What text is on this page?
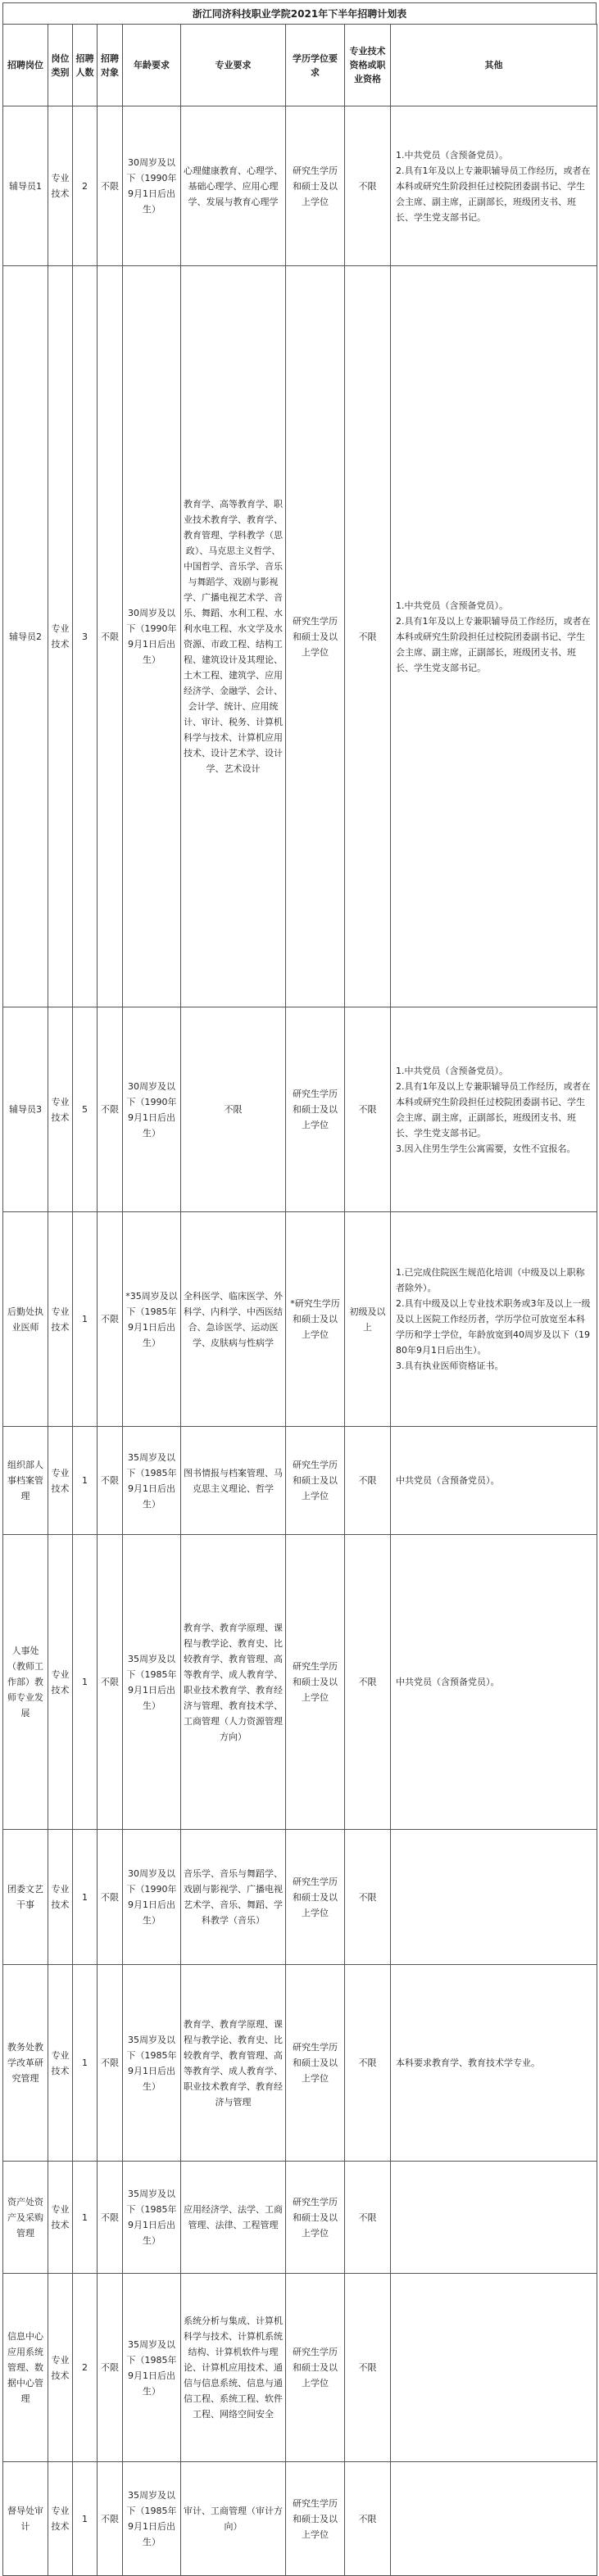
浙江同济科技职业学院2021年下半年招聘计划表
招聘岗位	岗位类别	招聘人数	招聘对象	年龄要求	专业要求	学历学位要求	专业技术资格或职业资格	其他
辅导员1	专业技术	2	不限	30周岁及以下（1990年9月1日后出生）	心理健康教育、心理学、基础心理学、应用心理学、发展与教育心理学	研究生学历和硕士及以上学位	不限	1.中共党员（含预备党员）。
2.具有1年及以上专兼职辅导员工作经历，或者在本科或研究生阶段担任过校院团委副书记、学生会主席、副主席，正副部长，班级团支书、班长、学生党支部书记。
辅导员2	专业技术	3	不限	30周岁及以下（1990年9月1日后出生）	教育学、高等教育学、职业技术教育学、教育学、教育管理、学科教学（思政）、马克思主义哲学、中国哲学、音乐学、音乐与舞蹈学、戏剧与影视学、广播电视艺术学、音乐、舞蹈、水利工程、水利水电工程、水文学及水资源、市政工程、结构工程、建筑设计及其理论、土木工程、建筑学、应用经济学、金融学、会计、会计学、统计、应用统计、审计、税务、计算机科学与技术、计算机应用技术、设计艺术学、设计学、艺术设计	研究生学历和硕士及以上学位	不限	1.中共党员（含预备党员）。
2.具有1年及以上专兼职辅导员工作经历，或者在本科或研究生阶段担任过校院团委副书记、学生会主席、副主席，正副部长，班级团支书、班长、学生党支部书记。
辅导员3	专业技术	5	不限	30周岁及以下（1990年9月1日后出生）	不限	研究生学历和硕士及以上学位	不限	1.中共党员（含预备党员）。
2.具有1年及以上专兼职辅导员工作经历，或者在本科或研究生阶段担任过校院团委副书记、学生会主席、副主席，正副部长，班级团支书、班长、学生党支部书记。
3.因入住男生学生公寓需要，女性不宜报名。
后勤处执业医师	专业技术	1	不限	*35周岁及以下（1985年9月1日后出生）	全科医学、临床医学、外科学、内科学、中西医结合、急诊医学、运动医学、皮肤病与性病学	*研究生学历和硕士及以上学位	初级及以上	1.已完成住院医生规范化培训（中级及以上职称者除外）。
2.具有中级及以上专业技术职务或3年及以上一级及以上医院工作经历者，学历学位可放宽至本科学历和学士学位，年龄放宽到40周岁及以下（1980年9月1日后出生）。
3.具有执业医师资格证书。
组织部人事档案管理	专业技术	1	不限	35周岁及以下（1985年9月1日后出生）	图书情报与档案管理、马克思主义理论、哲学	研究生学历和硕士及以上学位	不限	中共党员（含预备党员）。
人事处（教师工作部）教师专业发展	专业技术	1	不限	35周岁及以下（1985年9月1日后出生）	教育学、教育学原理、课程与教学论、教育史、比较教育学、教育管理、高等教育学、成人教育学、职业技术教育学、教育经济与管理、教育技术学、工商管理（人力资源管理方向）	研究生学历和硕士及以上学位	不限	中共党员（含预备党员）。
团委文艺干事	专业技术	1	不限	30周岁及以下（1990年9月1日后出生）	音乐学、音乐与舞蹈学、戏剧与影视学、广播电视艺术学、音乐、舞蹈、学科教学（音乐）	研究生学历和硕士及以上学位	不限	
教务处教学改革研究管理	专业技术	1	不限	35周岁及以下（1985年9月1日后出生）	教育学、教育学原理、课程与教学论、教育史、比较教育学、教育管理、高等教育学、成人教育学、职业技术教育学、教育经济与管理	研究生学历和硕士及以上学位	不限	本科要求教育学、教育技术学专业。
资产处资产及采购管理	专业技术	1	不限	35周岁及以下（1985年9月1日后出生）	应用经济学、法学、工商管理、法律、工程管理	研究生学历和硕士及以上学位	不限	
信息中心应用系统管理、数据中心管理	专业技术	2	不限	35周岁及以下（1985年9月1日后出生）	系统分析与集成、计算机科学与技术、计算机系统结构、计算机软件与理论、计算机应用技术、通信与信息系统、信息与通信工程、系统工程、软件工程、网络空间安全	研究生学历和硕士及以上学位	不限	
督导处审计	专业技术	1	不限	35周岁及以下（1985年9月1日后出生）	审计、工商管理（审计方向）	研究生学历和硕士及以上学位	不限	
